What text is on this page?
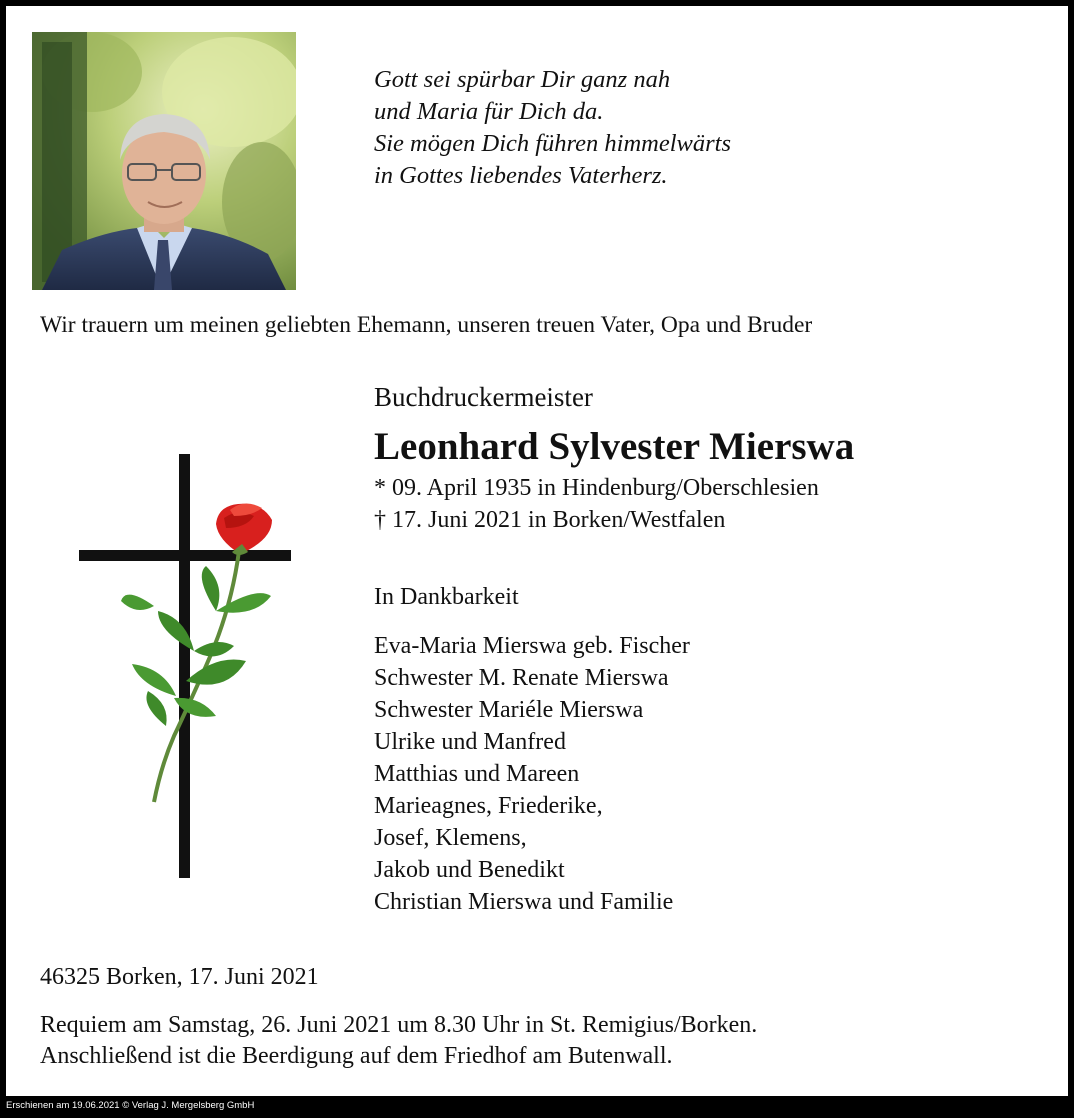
Gott sei spürbar Dir ganz nah
und Maria für Dich da.
Sie mögen Dich führen himmelwärts
in Gottes liebendes Vaterherz.
Wir trauern um meinen geliebten Ehemann, unseren treuen Vater, Opa und Bruder
Buchdruckermeister
Leonhard Sylvester Mierswa
* 09. April 1935 in Hindenburg/Oberschlesien
† 17. Juni 2021 in Borken/Westfalen
In Dankbarkeit
Eva-Maria Mierswa geb. Fischer
Schwester M. Renate Mierswa
Schwester Mariéle Mierswa
Ulrike und Manfred
Matthias und Mareen
Marieagnes, Friederike,
Josef, Klemens,
Jakob und Benedikt
Christian Mierswa und Familie
46325 Borken, 17. Juni 2021
Requiem am Samstag, 26. Juni 2021 um 8.30 Uhr in St. Remigius/Borken.
Anschließend ist die Beerdigung auf dem Friedhof am Butenwall.
Erschienen am 19.06.2021 © Verlag J. Mergelsberg GmbH
